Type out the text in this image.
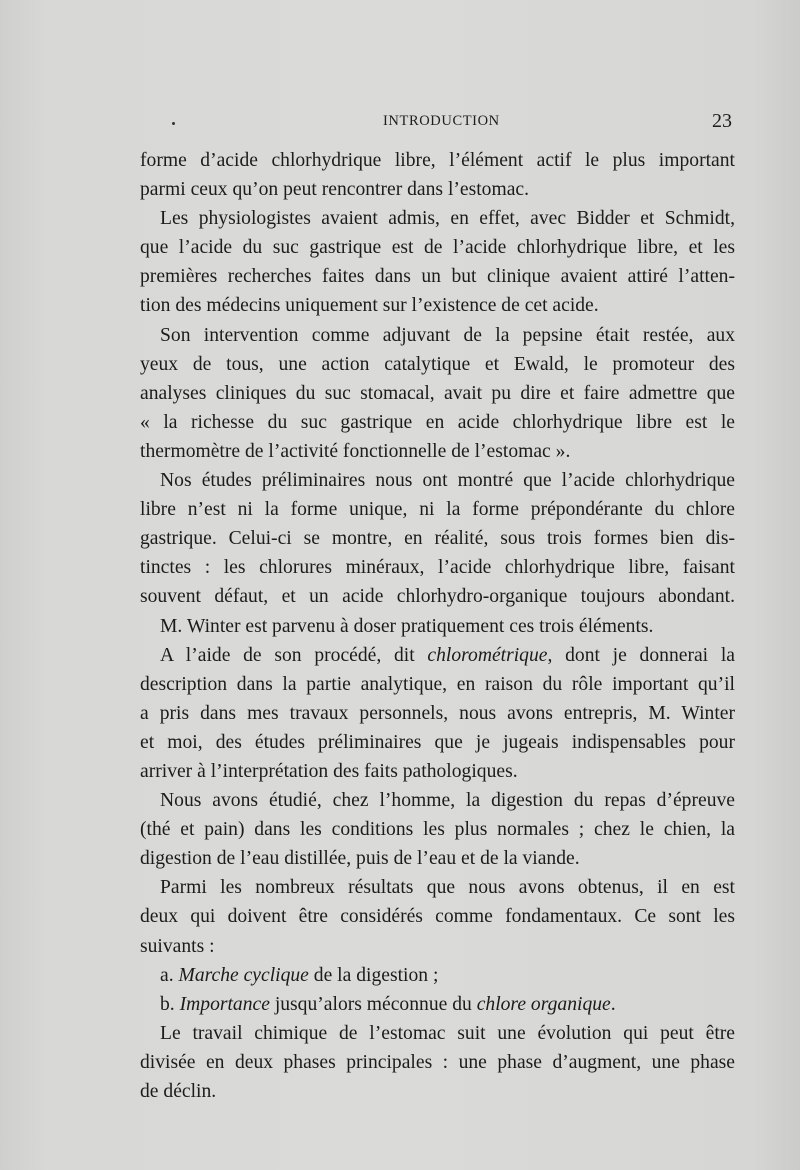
INTRODUCTION	23
forme d’acide chlorhydrique libre, l’élément actif le plus important
parmi ceux qu’on peut rencontrer dans l’estomac.
Les physiologistes avaient admis, en effet, avec Bidder et Schmidt,
que l’acide du suc gastrique est de l’acide chlorhydrique libre, et les
premières recherches faites dans un but clinique avaient attiré l’atten-
tion des médecins uniquement sur l’existence de cet acide.
Son intervention comme adjuvant de la pepsine était restée, aux
yeux de tous, une action catalytique et Ewald, le promoteur des
analyses cliniques du suc stomacal, avait pu dire et faire admettre que
« la richesse du suc gastrique en acide chlorhydrique libre est le
thermomètre de l’activité fonctionnelle de l’estomac ».
Nos études préliminaires nous ont montré que l’acide chlorhydrique
libre n’est ni la forme unique, ni la forme prépondérante du chlore
gastrique. Celui-ci se montre, en réalité, sous trois formes bien dis-
tinctes : les chlorures minéraux, l’acide chlorhydrique libre, faisant
souvent défaut, et un acide chlorhydro-organique toujours abondant.
M. Winter est parvenu à doser pratiquement ces trois éléments.
A l’aide de son procédé, dit chlorométrique, dont je donnerai la
description dans la partie analytique, en raison du rôle important qu’il
a pris dans mes travaux personnels, nous avons entrepris, M. Winter
et moi, des études préliminaires que je jugeais indispensables pour
arriver à l’interprétation des faits pathologiques.
Nous avons étudié, chez l’homme, la digestion du repas d’épreuve
(thé et pain) dans les conditions les plus normales ; chez le chien, la
digestion de l’eau distillée, puis de l’eau et de la viande.
Parmi les nombreux résultats que nous avons obtenus, il en est
deux qui doivent être considérés comme fondamentaux. Ce sont les
suivants :
a. Marche cyclique de la digestion ;
b. Importance jusqu’alors méconnue du chlore organique.
Le travail chimique de l’estomac suit une évolution qui peut être
divisée en deux phases principales : une phase d’augment, une phase
de déclin.
